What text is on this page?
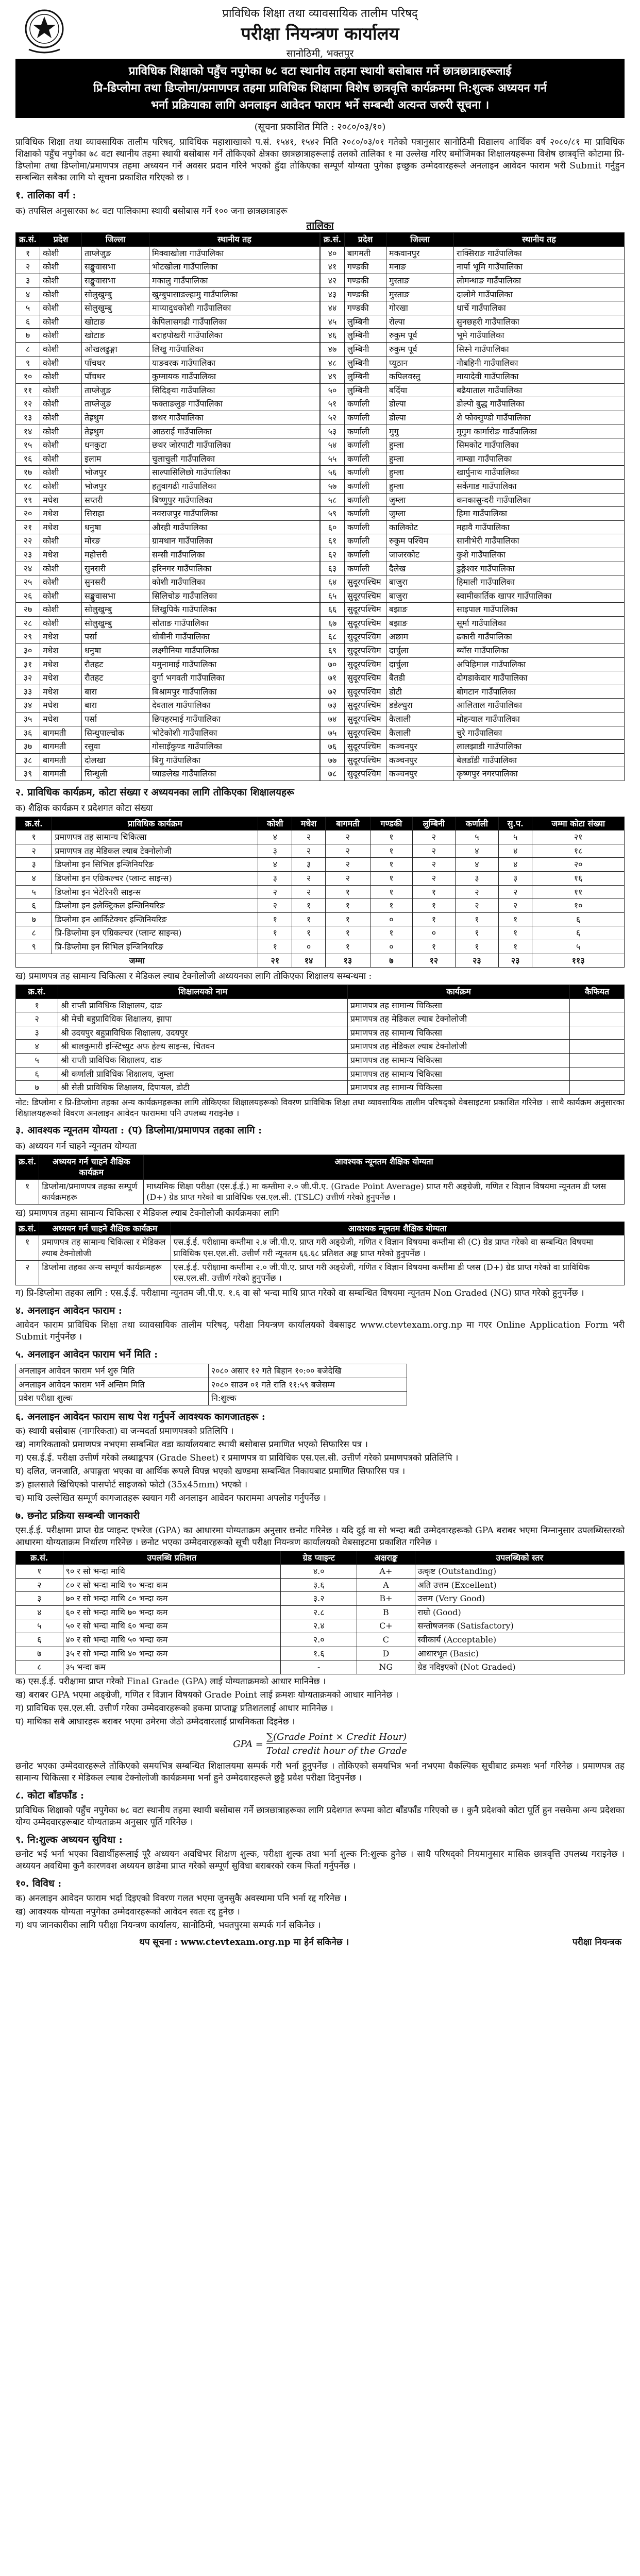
प्राविधिक शिक्षा तथा व्यावसायिक तालीम परिषद्
परीक्षा नियन्त्रण कार्यालय
सानोठिमी, भक्तपुर
प्राविधिक शिक्षाको पहुँच नपुगेका ७८ वटा स्थानीय तहमा स्थायी बसोबास गर्ने छात्रछात्राहरूलाई
प्रि-डिप्लोमा तथा डिप्लोमा/प्रमाणपत्र तहमा प्राविधिक शिक्षामा विशेष छात्रवृत्ति कार्यक्रममा नि:शुल्क अध्ययन गर्न
भर्ना प्रक्रियाका लागि अनलाइन आवेदन फाराम भर्ने सम्बन्धी अत्यन्त जरुरी सूचना ।
(सूचना प्रकाशित मिति : २०८०/०३/१०)

प्राविधिक शिक्षा तथा व्यावसायिक तालीम परिषद्, प्राविधिक महाशाखाको प.सं. १५४१, १५४२ मिति २०८०/०३/०१ गतेको पत्रानुसार सानोठिमी विद्यालय आर्थिक वर्ष २०८०/८१ मा प्राविधिक शिक्षाको पहुँच नपुगेका ७८ वटा स्थानीय तहमा स्थायी बसोबास गर्ने तोकिएको क्षेत्रका छात्रछात्राहरूलाई तलको तालिका १ मा उल्लेख गरिए बमोजिमका शिक्षालयहरूमा विशेष छात्रवृत्ति कोटामा प्रि-डिप्लोमा तथा डिप्लोमा/प्रमाणपत्र तहमा अध्ययन गर्ने अवसर प्रदान गरिने भएको हुँदा तोकिएका सम्पूर्ण योग्यता पुगेका इच्छुक उम्मेदवारहरूले अनलाइन आवेदन फाराम भरी Submit गर्नुहुन सम्बन्धित सबैका लागि यो सूचना प्रकाशित गरिएको छ ।

१. तालिका वर्ग :
क) तपसिल अनुसारका ७८ वटा पालिकामा स्थायी बसोबास गर्ने १०० जना छात्रछात्राहरू
तालिका
क्र.सं.	प्रदेश	जिल्ला	स्थानीय तह
१	कोशी	ताप्लेजुङ	मिक्वाखोला गाउँपालिका
२	कोशी	सङ्खुवासभा	भोटखोला गाउँपालिका
३	कोशी	सङ्खुवासभा	मकालु गाउँपालिका
४	कोशी	सोलुखुम्बु	खुम्बुपासाङल्हामु गाउँपालिका
५	कोशी	सोलुखुम्बु	माप्यादुधकोशी गाउँपालिका
६	कोशी	खोटाङ	केपिलासगढी गाउँपालिका
७	कोशी	खोटाङ	बराहपोखरी गाउँपालिका
८	कोशी	ओखलढुङ्गा	लिखु गाउँपालिका
९	कोशी	पाँचथर	याङवरक गाउँपालिका
१०	कोशी	पाँचथर	कुम्मायक गाउँपालिका
११	कोशी	ताप्लेजुङ	सिदिङ्वा गाउँपालिका
१२	कोशी	ताप्लेजुङ	फक्ताङलुङ गाउँपालिका
१३	कोशी	तेह्रथुम	छथर गाउँपालिका
१४	कोशी	तेह्रथुम	आठराई गाउँपालिका
१५	कोशी	धनकुटा	छथर जोरपाटी गाउँपालिका
१६	कोशी	इलाम	चुलाचुली गाउँपालिका
१७	कोशी	भोजपुर	साल्पासिलिछो गाउँपालिका
१८	कोशी	भोजपुर	हतुवागढी गाउँपालिका
१९	मधेश	सप्तरी	बिष्णुपुर गाउँपालिका
२०	मधेश	सिराहा	नवराजपुर गाउँपालिका
२१	मधेश	धनुषा	औरही गाउँपालिका
२२	कोशी	मोरङ	ग्रामथान गाउँपालिका
२३	मधेश	महोत्तरी	सम्सी गाउँपालिका
२४	कोशी	सुनसरी	हरिनगर गाउँपालिका
२५	कोशी	सुनसरी	कोशी गाउँपालिका
२६	कोशी	सङ्खुवासभा	सिलिचोङ गाउँपालिका
२७	कोशी	सोलुखुम्बु	लिखुपिके गाउँपालिका
२८	कोशी	सोलुखुम्बु	सोताङ गाउँपालिका
२९	मधेश	पर्सा	धोबीनी गाउँपालिका
३०	मधेश	धनुषा	लक्ष्मीनिया गाउँपालिका
३१	मधेश	रौतहट	यमुनामाई गाउँपालिका
३२	मधेश	रौतहट	दुर्गा भगवती गाउँपालिका
३३	मधेश	बारा	बिश्रामपुर गाउँपालिका
३४	मधेश	बारा	देवताल गाउँपालिका
३५	मधेश	पर्सा	छिपहरमाई गाउँपालिका
३६	बागमती	सिन्धुपाल्चोक	भोटेकोशी गाउँपालिका
३७	बागमती	रसुवा	गोसाइँकुण्ड गाउँपालिका
३८	बागमती	दोलखा	बिगु गाउँपालिका
३९	बागमती	सिन्धुली	घ्याङलेख गाउँपालिका
क्र.सं.	प्रदेश	जिल्ला	स्थानीय तह
४०	बागमती	मकवानपुर	राक्सिराङ गाउँपालिका
४१	गण्डकी	मनाङ	नार्पा भूमि गाउँपालिका
४२	गण्डकी	मुस्ताङ	लोमन्थाङ गाउँपालिका
४३	गण्डकी	मुस्ताङ	दालोमे गाउँपालिका
४४	गण्डकी	गोरखा	धार्चे गाउँपालिका
४५	लुम्बिनी	रोल्पा	सुनछहरी गाउँपालिका
४६	लुम्बिनी	रुकुम पूर्व	भूमे गाउँपालिका
४७	लुम्बिनी	रुकुम पूर्व	सिस्ने गाउँपालिका
४८	लुम्बिनी	प्यूठान	नौबहिनी गाउँपालिका
४९	लुम्बिनी	कपिलवस्तु	मायादेवी गाउँपालिका
५०	लुम्बिनी	बर्दिया	बढैयाताल गाउँपालिका
५१	कर्णाली	डोल्पा	डोल्पो बुद्ध गाउँपालिका
५२	कर्णाली	डोल्पा	शे फोक्सुण्डो गाउँपालिका
५३	कर्णाली	मुगु	मुगुम कार्मारोङ गाउँपालिका
५४	कर्णाली	हुम्ला	सिमकोट गाउँपालिका
५५	कर्णाली	हुम्ला	नाम्खा गाउँपालिका
५६	कर्णाली	हुम्ला	खार्पुनाथ गाउँपालिका
५७	कर्णाली	हुम्ला	सर्केगाड गाउँपालिका
५८	कर्णाली	जुम्ला	कनकासुन्दरी गाउँपालिका
५९	कर्णाली	जुम्ला	हिमा गाउँपालिका
६०	कर्णाली	कालिकोट	महावै गाउँपालिका
६१	कर्णाली	रुकुम पश्चिम	सानीभेरी गाउँपालिका
६२	कर्णाली	जाजरकोट	कुशे गाउँपालिका
६३	कर्णाली	दैलेख	डुङ्गेश्वर गाउँपालिका
६४	सुदूरपश्चिम	बाजुरा	हिमाली गाउँपालिका
६५	सुदूरपश्चिम	बाजुरा	स्वामीकार्तिक खापर गाउँपालिका
६६	सुदूरपश्चिम	बझाङ	साइपाल गाउँपालिका
६७	सुदूरपश्चिम	बझाङ	सूर्मा गाउँपालिका
६८	सुदूरपश्चिम	अछाम	ढकारी गाउँपालिका
६९	सुदूरपश्चिम	दार्चुला	ब्याँस गाउँपालिका
७०	सुदूरपश्चिम	दार्चुला	अपिहिमाल गाउँपालिका
७१	सुदूरपश्चिम	बैतडी	दोगडाकेदार गाउँपालिका
७२	सुदूरपश्चिम	डोटी	बोगटान गाउँपालिका
७३	सुदूरपश्चिम	डडेल्धुरा	आलिताल गाउँपालिका
७४	सुदूरपश्चिम	कैलाली	मोहन्याल गाउँपालिका
७५	सुदूरपश्चिम	कैलाली	चुरे गाउँपालिका
७६	सुदूरपश्चिम	कञ्चनपुर	लालझाडी गाउँपालिका
७७	सुदूरपश्चिम	कञ्चनपुर	बेलडाँडी गाउँपालिका
७८	सुदूरपश्चिम	कञ्चनपुर	कृष्णपुर नगरपालिका
२. प्राविधिक कार्यक्रम, कोटा संख्या र अध्ययनका लागि तोकिएका शिक्षालयहरू
क) शैक्षिक कार्यक्रम र प्रदेशगत कोटा संख्या
क्र.सं.	प्राविधिक कार्यक्रम	कोशी	मधेश	बागमती	गण्डकी	लुम्बिनी	कर्णाली	सु.प.	जम्मा कोटा संख्या
१	प्रमाणपत्र तह सामान्य चिकित्सा	४	२	२	१	२	५	५	२१
२	प्रमाणपत्र तह मेडिकल ल्याब टेक्नोलोजी	३	२	२	१	२	४	४	१८
३	डिप्लोमा इन सिभिल इन्जिनियरिङ	४	३	२	१	२	४	४	२०
४	डिप्लोमा इन एग्रिकल्चर (प्लान्ट साइन्स)	३	२	२	१	२	३	३	१६
५	डिप्लोमा इन भेटेरिनरी साइन्स	२	२	१	१	१	२	२	११
६	डिप्लोमा इन इलेक्ट्रिकल इन्जिनियरिङ	२	१	१	१	१	२	२	१०
७	डिप्लोमा इन आर्किटेक्चर इन्जिनियरिङ	१	१	१	०	१	१	१	६
८	प्रि-डिप्लोमा इन एग्रिकल्चर (प्लान्ट साइन्स)	१	१	१	१	०	१	१	६
९	प्रि-डिप्लोमा इन सिभिल इन्जिनियरिङ	१	०	१	०	१	१	१	५
जम्मा		२१	१४	१३	७	१२	२३	२३	११३
ख) प्रमाणपत्र तह सामान्य चिकित्सा र मेडिकल ल्याब टेक्नोलोजी अध्ययनका लागि तोकिएका शिक्षालय सम्बन्धमा :
क्र.सं.	शिक्षालयको नाम	कार्यक्रम	कैफियत
१	श्री राप्ती प्राविधिक शिक्षालय, दाङ	प्रमाणपत्र तह सामान्य चिकित्सा	
२	श्री मेची बहुप्राविधिक शिक्षालय, झापा	प्रमाणपत्र तह मेडिकल ल्याब टेक्नोलोजी	
३	श्री उदयपुर बहुप्राविधिक शिक्षालय, उदयपुर	प्रमाणपत्र तह सामान्य चिकित्सा	
४	श्री बालकुमारी इन्स्टिच्युट अफ हेल्थ साइन्स, चितवन	प्रमाणपत्र तह मेडिकल ल्याब टेक्नोलोजी	
५	श्री राप्ती प्राविधिक शिक्षालय, दाङ	प्रमाणपत्र तह सामान्य चिकित्सा	
६	श्री कर्णाली प्राविधिक शिक्षालय, जुम्ला	प्रमाणपत्र तह सामान्य चिकित्सा	
७	श्री सेती प्राविधिक शिक्षालय, दिपायल, डोटी	प्रमाणपत्र तह सामान्य चिकित्सा	

नोट: डिप्लोमा र प्रि-डिप्लोमा तहका अन्य कार्यक्रमहरूका लागि तोकिएका शिक्षालयहरूको विवरण प्राविधिक शिक्षा तथा व्यावसायिक तालीम परिषद्को वेबसाइटमा प्रकाशित गरिनेछ । साथै कार्यक्रम अनुसारका शिक्षालयहरूको विवरण अनलाइन आवेदन फाराममा पनि उपलब्ध गराइनेछ ।

३. आवश्यक न्यूनतम योग्यता : (प) डिप्लोमा/प्रमाणपत्र तहका लागि :
क) अध्ययन गर्न चाहने न्यूनतम योग्यता
क्र.सं.	अध्ययन गर्न चाहने शैक्षिक कार्यक्रम	आवश्यक न्यूनतम शैक्षिक योग्यता
१	डिप्लोमा/प्रमाणपत्र तहका सम्पूर्ण कार्यक्रमहरू	माध्यमिक शिक्षा परीक्षा (एस.ई.ई.) मा कम्तीमा २.० जी.पी.ए. (Grade Point Average) प्राप्त गरी अङ्ग्रेजी, गणित र विज्ञान विषयमा न्यूनतम डी प्लस (D+) ग्रेड प्राप्त गरेको वा प्राविधिक एस.एल.सी. (TSLC) उत्तीर्ण गरेको हुनुपर्नेछ ।
ख) प्रमाणपत्र तहमा सामान्य चिकित्सा र मेडिकल ल्याब टेक्नोलोजी कार्यक्रमका लागि
क्र.सं.	अध्ययन गर्न चाहने शैक्षिक कार्यक्रम	आवश्यक न्यूनतम शैक्षिक योग्यता
१	प्रमाणपत्र तह सामान्य चिकित्सा र मेडिकल ल्याब टेक्नोलोजी	एस.ई.ई. परीक्षामा कम्तीमा २.४ जी.पी.ए. प्राप्त गरी अङ्ग्रेजी, गणित र विज्ञान विषयमा कम्तीमा सी (C) ग्रेड प्राप्त गरेको वा सम्बन्धित विषयमा प्राविधिक एस.एल.सी. उत्तीर्ण गरी न्यूनतम ६६.६८ प्रतिशत अङ्क प्राप्त गरेको हुनुपर्नेछ ।
२	डिप्लोमा तहका अन्य सम्पूर्ण कार्यक्रमहरू	एस.ई.ई. परीक्षामा कम्तीमा २.० जी.पी.ए. प्राप्त गरी अङ्ग्रेजी, गणित र विज्ञान विषयमा कम्तीमा डी प्लस (D+) ग्रेड प्राप्त गरेको वा प्राविधिक एस.एल.सी. उत्तीर्ण गरेको हुनुपर्नेछ ।

ग) प्रि-डिप्लोमा तहका लागि : एस.ई.ई. परीक्षामा न्यूनतम जी.पी.ए. १.६ वा सो भन्दा माथि प्राप्त गरेको वा सम्बन्धित विषयमा न्यूनतम Non Graded (NG) प्राप्त गरेको हुनुपर्नेछ ।

४. अनलाइन आवेदन फाराम :

आवेदन फाराम प्राविधिक शिक्षा तथा व्यावसायिक तालीम परिषद्, परीक्षा नियन्त्रण कार्यालयको वेबसाइट www.ctevtexam.org.np मा गएर Online Application Form भरी Submit गर्नुपर्नेछ ।

५. अनलाइन आवेदन फाराम भर्ने मिति :
अनलाइन आवेदन फाराम भर्न शुरु मिति	२०८० असार १२ गते बिहान १०:०० बजेदेखि
अनलाइन आवेदन फाराम भर्ने अन्तिम मिति	२०८० साउन ०१ गते राति ११:५९ बजेसम्म
प्रवेश परीक्षा शुल्क	नि:शुल्क
६. अनलाइन आवेदन फाराम साथ पेश गर्नुपर्ने आवश्यक कागजातहरू :

क) स्थायी बसोबास (नागरिकता) वा जन्मदर्ता प्रमाणपत्रको प्रतिलिपि ।

ख) नागरिकताको प्रमाणपत्र नभएमा सम्बन्धित वडा कार्यालयबाट स्थायी बसोबास प्रमाणित भएको सिफारिस पत्र ।

ग) एस.ई.ई. परीक्षा उत्तीर्ण गरेको लब्धाङ्कपत्र (Grade Sheet) र प्रमाणपत्र वा प्राविधिक एस.एल.सी. उत्तीर्ण गरेको प्रमाणपत्रको प्रतिलिपि ।

घ) दलित, जनजाति, अपाङ्गता भएका वा आर्थिक रूपले विपन्न भएको खण्डमा सम्बन्धित निकायबाट प्रमाणित सिफारिस पत्र ।

ङ) हालसालै खिचिएको पासपोर्ट साइजको फोटो (35x45mm) भएको ।

च) माथि उल्लेखित सम्पूर्ण कागजातहरू स्क्यान गरी अनलाइन आवेदन फाराममा अपलोड गर्नुपर्नेछ ।

७. छनोट प्रक्रिया सम्बन्धी जानकारी

एस.ई.ई. परीक्षामा प्राप्त ग्रेड प्वाइन्ट एभरेज (GPA) का आधारमा योग्यताक्रम अनुसार छनोट गरिनेछ । यदि दुई वा सो भन्दा बढी उम्मेदवारहरूको GPA बराबर भएमा निम्नानुसार उपलब्धिस्तरको आधारमा योग्यताक्रम निर्धारण गरिनेछ । छनोट भएका उम्मेदवारहरूको सूची परीक्षा नियन्त्रण कार्यालयको वेबसाइटमा प्रकाशित गरिनेछ ।

क्र.सं.	उपलब्धि प्रतिशत	ग्रेड प्वाइन्ट	अक्षराङ्क	उपलब्धिको स्तर
१	९० र सो भन्दा माथि	४.०	A+	उत्कृष्ट (Outstanding)
२	८० र सो भन्दा माथि ९० भन्दा कम	३.६	A	अति उत्तम (Excellent)
३	७० र सो भन्दा माथि ८० भन्दा कम	३.२	B+	उत्तम (Very Good)
४	६० र सो भन्दा माथि ७० भन्दा कम	२.८	B	राम्रो (Good)
५	५० र सो भन्दा माथि ६० भन्दा कम	२.४	C+	सन्तोषजनक (Satisfactory)
६	४० र सो भन्दा माथि ५० भन्दा कम	२.०	C	स्वीकार्य (Acceptable)
७	३५ र सो भन्दा माथि ४० भन्दा कम	१.६	D	आधारभूत (Basic)
८	३५ भन्दा कम	-	NG	ग्रेड नदिइएको (Not Graded)

क) एस.ई.ई. परीक्षामा प्राप्त गरेको Final Grade (GPA) लाई योग्यताक्रमको आधार मानिनेछ ।

ख) बराबर GPA भएमा अङ्ग्रेजी, गणित र विज्ञान विषयको Grade Point लाई क्रमशः योग्यताक्रमको आधार मानिनेछ ।

ग) प्राविधिक एस.एल.सी. उत्तीर्ण गरेका उम्मेदवारहरूको हकमा प्राप्ताङ्क प्रतिशतलाई आधार मानिनेछ ।

घ) माथिका सबै आधारहरू बराबर भएमा उमेरमा जेठो उम्मेदवारलाई प्राथमिकता दिइनेछ ।

GPA =
∑(Grade Point × Credit Hour)
Total credit hour of the Grade

छनोट भएका उम्मेदवारहरूले तोकिएको समयभित्र सम्बन्धित शिक्षालयमा सम्पर्क गरी भर्ना हुनुपर्नेछ । तोकिएको समयभित्र भर्ना नभएमा वैकल्पिक सूचीबाट क्रमशः भर्ना गरिनेछ । प्रमाणपत्र तह सामान्य चिकित्सा र मेडिकल ल्याब टेक्नोलोजी कार्यक्रममा भर्ना हुने उम्मेदवारहरूले छुट्टै प्रवेश परीक्षा दिनुपर्नेछ ।

८. कोटा बाँडफाँड :

प्राविधिक शिक्षाको पहुँच नपुगेका ७८ वटा स्थानीय तहमा स्थायी बसोबास गर्ने छात्रछात्राहरूका लागि प्रदेशगत रूपमा कोटा बाँडफाँड गरिएको छ । कुनै प्रदेशको कोटा पूर्ति हुन नसकेमा अन्य प्रदेशका योग्य उम्मेदवारहरूबाट योग्यताक्रम अनुसार पूर्ति गरिनेछ ।

९. नि:शुल्क अध्ययन सुविधा :

छनोट भई भर्ना भएका विद्यार्थीहरूलाई पूरै अध्ययन अवधिभर शिक्षण शुल्क, परीक्षा शुल्क तथा भर्ना शुल्क नि:शुल्क हुनेछ । साथै परिषद्को नियमानुसार मासिक छात्रवृत्ति उपलब्ध गराइनेछ । अध्ययन अवधिमा कुनै कारणवश अध्ययन छाडेमा प्राप्त गरेको सम्पूर्ण सुविधा बराबरको रकम फिर्ता गर्नुपर्नेछ ।

१०. विविध :

क) अनलाइन आवेदन फाराम भर्दा दिइएको विवरण गलत भएमा जुनसुकै अवस्थामा पनि भर्ना रद्द गरिनेछ ।

ख) आवश्यक योग्यता नपुगेका उम्मेदवारहरूको आवेदन स्वतः रद्द हुनेछ ।

ग) थप जानकारीका लागि परीक्षा नियन्त्रण कार्यालय, सानोठिमी, भक्तपुरमा सम्पर्क गर्न सकिनेछ ।

थप सूचना : www.ctevtexam.org.np मा हेर्न सकिनेछ ।	परीक्षा नियन्त्रक
